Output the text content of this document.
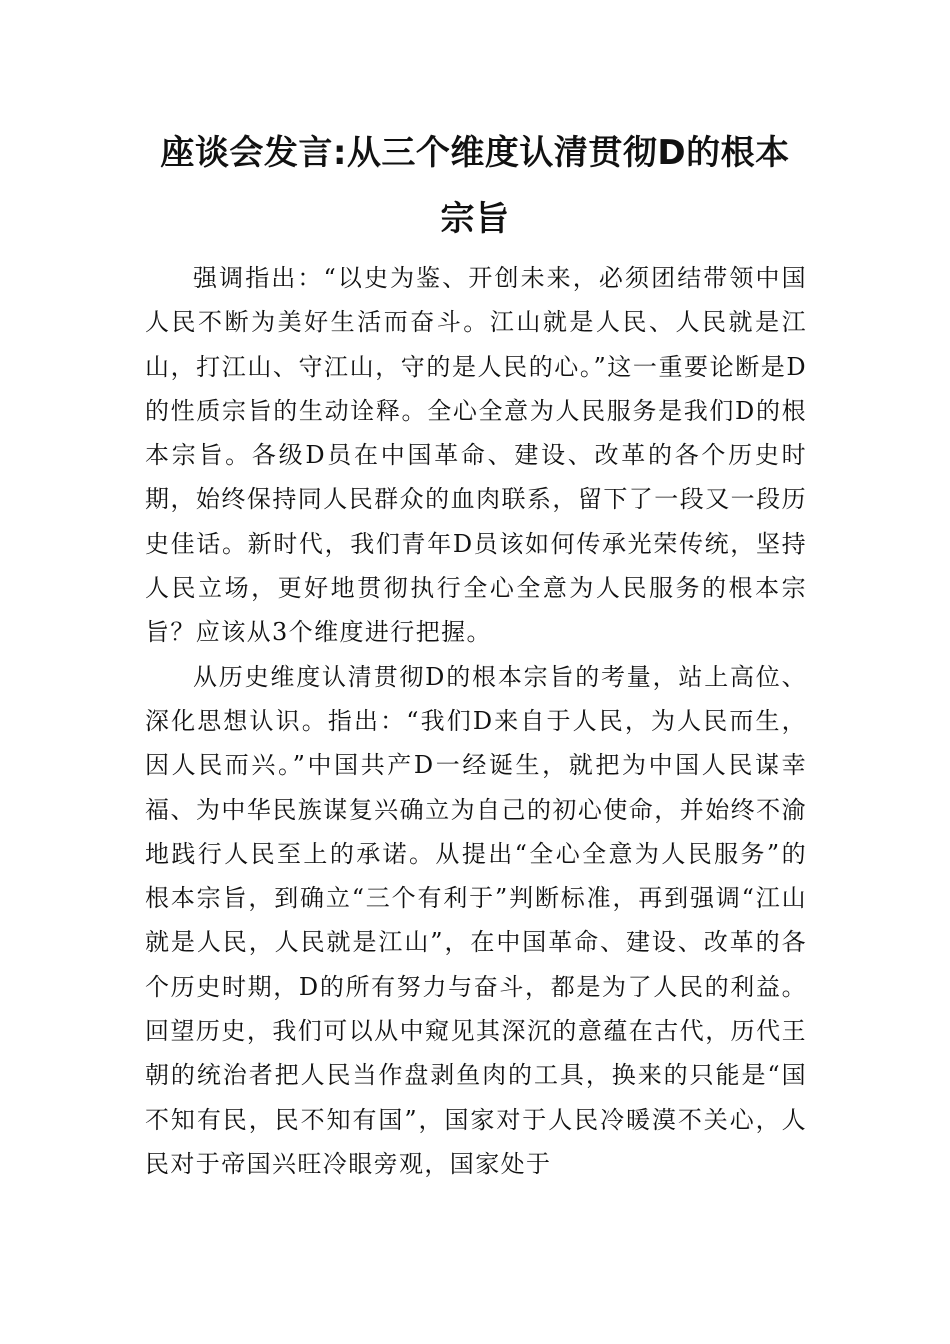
座谈会发言:从三个维度认清贯彻D的根本宗旨

强调指出：“以史为鉴、开创未来，必须团结带领中国人民不断为美好生活而奋斗。江山就是人民、人民就是江山，打江山、守江山，守的是人民的心。”这一重要论断是D的性质宗旨的生动诠释。全心全意为人民服务是我们D的根本宗旨。各级D员在中国革命、建设、改革的各个历史时期，始终保持同人民群众的血肉联系，留下了一段又一段历史佳话。新时代，我们青年D员该如何传承光荣传统，坚持人民立场，更好地贯彻执行全心全意为人民服务的根本宗旨？应该从3个维度进行把握。

从历史维度认清贯彻D的根本宗旨的考量，站上高位、深化思想认识。指出：“我们D来自于人民，为人民而生，因人民而兴。”中国共产D一经诞生，就把为中国人民谋幸福、为中华民族谋复兴确立为自己的初心使命，并始终不渝地践行人民至上的承诺。从提出“全心全意为人民服务”的根本宗旨，到确立“三个有利于”判断标准，再到强调“江山就是人民，人民就是江山”，在中国革命、建设、改革的各个历史时期，D的所有努力与奋斗，都是为了人民的利益。回望历史，我们可以从中窥见其深沉的意蕴在古代，历代王朝的统治者把人民当作盘剥鱼肉的工具，换来的只能是“国不知有民，民不知有国”，国家对于人民冷暖漠不关心，人民对于帝国兴旺冷眼旁观，国家处于
